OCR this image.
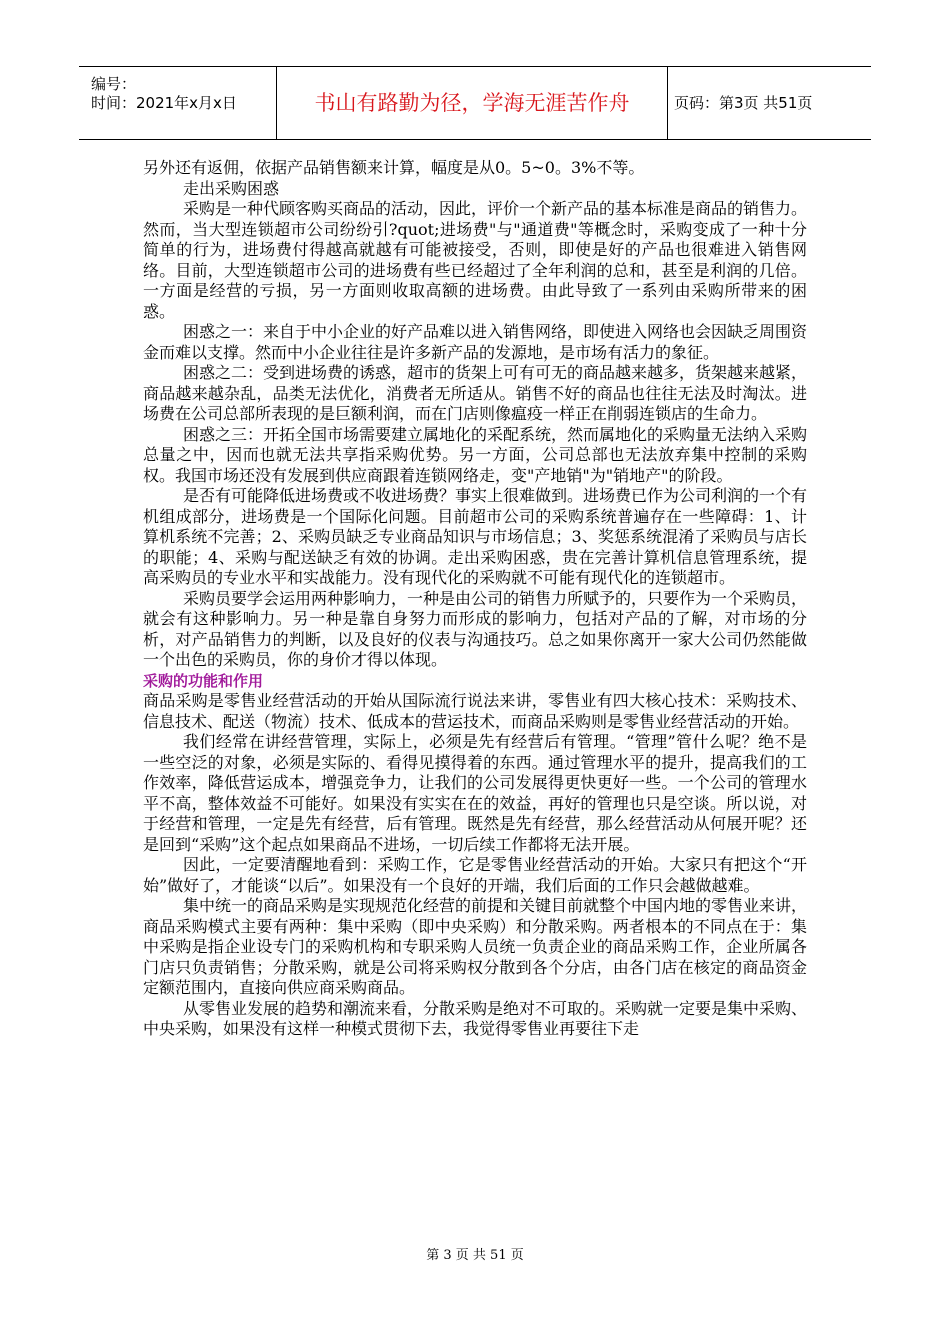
编号：
时间：2021年x月x日	书山有路勤为径，学海无涯苦作舟	页码：第3页 共51页

另外还有返佣，依据产品销售额来计算，幅度是从0。5~0。3%不等。

走出采购困惑

采购是一种代顾客购买商品的活动，因此，评价一个新产品的基本标准是商品的销售力。然而，当大型连锁超市公司纷纷引?quot;进场费"与"通道费"等概念时，采购变成了一种十分简单的行为，进场费付得越高就越有可能被接受，否则，即使是好的产品也很难进入销售网络。目前，大型连锁超市公司的进场费有些已经超过了全年利润的总和，甚至是利润的几倍。一方面是经营的亏损，另一方面则收取高额的进场费。由此导致了一系列由采购所带来的困惑。

困惑之一：来自于中小企业的好产品难以进入销售网络，即使进入网络也会因缺乏周围资金而难以支撑。然而中小企业往往是许多新产品的发源地，是市场有活力的象征。

困惑之二：受到进场费的诱惑，超市的货架上可有可无的商品越来越多，货架越来越紧，商品越来越杂乱，品类无法优化，消费者无所适从。销售不好的商品也往往无法及时淘汰。进场费在公司总部所表现的是巨额利润，而在门店则像瘟疫一样正在削弱连锁店的生命力。

困惑之三：开拓全国市场需要建立属地化的采配系统，然而属地化的采购量无法纳入采购总量之中，因而也就无法共享指采购优势。另一方面，公司总部也无法放弃集中控制的采购权。我国市场还没有发展到供应商跟着连锁网络走，变"产地销"为"销地产"的阶段。

是否有可能降低进场费或不收进场费？事实上很难做到。进场费已作为公司利润的一个有机组成部分，进场费是一个国际化问题。目前超市公司的采购系统普遍存在一些障碍：1、计算机系统不完善；2、采购员缺乏专业商品知识与市场信息；3、奖惩系统混淆了采购员与店长的职能；4、采购与配送缺乏有效的协调。走出采购困惑，贵在完善计算机信息管理系统，提高采购员的专业水平和实战能力。没有现代化的采购就不可能有现代化的连锁超市。

采购员要学会运用两种影响力，一种是由公司的销售力所赋予的，只要作为一个采购员，就会有这种影响力。另一种是靠自身努力而形成的影响力，包括对产品的了解，对市场的分析，对产品销售力的判断，以及良好的仪表与沟通技巧。总之如果你离开一家大公司仍然能做一个出色的采购员，你的身价才得以体现。

采购的功能和作用

商品采购是零售业经营活动的开始从国际流行说法来讲，零售业有四大核心技术：采购技术、信息技术、配送（物流）技术、低成本的营运技术，而商品采购则是零售业经营活动的开始。

我们经常在讲经营管理，实际上，必须是先有经营后有管理。“管理”管什么呢？绝不是一些空泛的对象，必须是实际的、看得见摸得着的东西。通过管理水平的提升，提高我们的工作效率，降低营运成本，增强竞争力，让我们的公司发展得更快更好一些。一个公司的管理水平不高，整体效益不可能好。如果没有实实在在的效益，再好的管理也只是空谈。所以说，对于经营和管理，一定是先有经营，后有管理。既然是先有经营，那么经营活动从何展开呢？还是回到“采购”这个起点如果商品不进场，一切后续工作都将无法开展。

因此，一定要清醒地看到：采购工作，它是零售业经营活动的开始。大家只有把这个“开始”做好了，才能谈“以后”。如果没有一个良好的开端，我们后面的工作只会越做越难。

集中统一的商品采购是实现规范化经营的前提和关键目前就整个中国内地的零售业来讲，商品采购模式主要有两种：集中采购（即中央采购）和分散采购。两者根本的不同点在于：集中采购是指企业设专门的采购机构和专职采购人员统一负责企业的商品采购工作，企业所属各门店只负责销售；分散采购，就是公司将采购权分散到各个分店，由各门店在核定的商品资金定额范围内，直接向供应商采购商品。

从零售业发展的趋势和潮流来看，分散采购是绝对不可取的。采购就一定要是集中采购、中央采购，如果没有这样一种模式贯彻下去，我觉得零售业再要往下走

第 3 页 共 51 页
